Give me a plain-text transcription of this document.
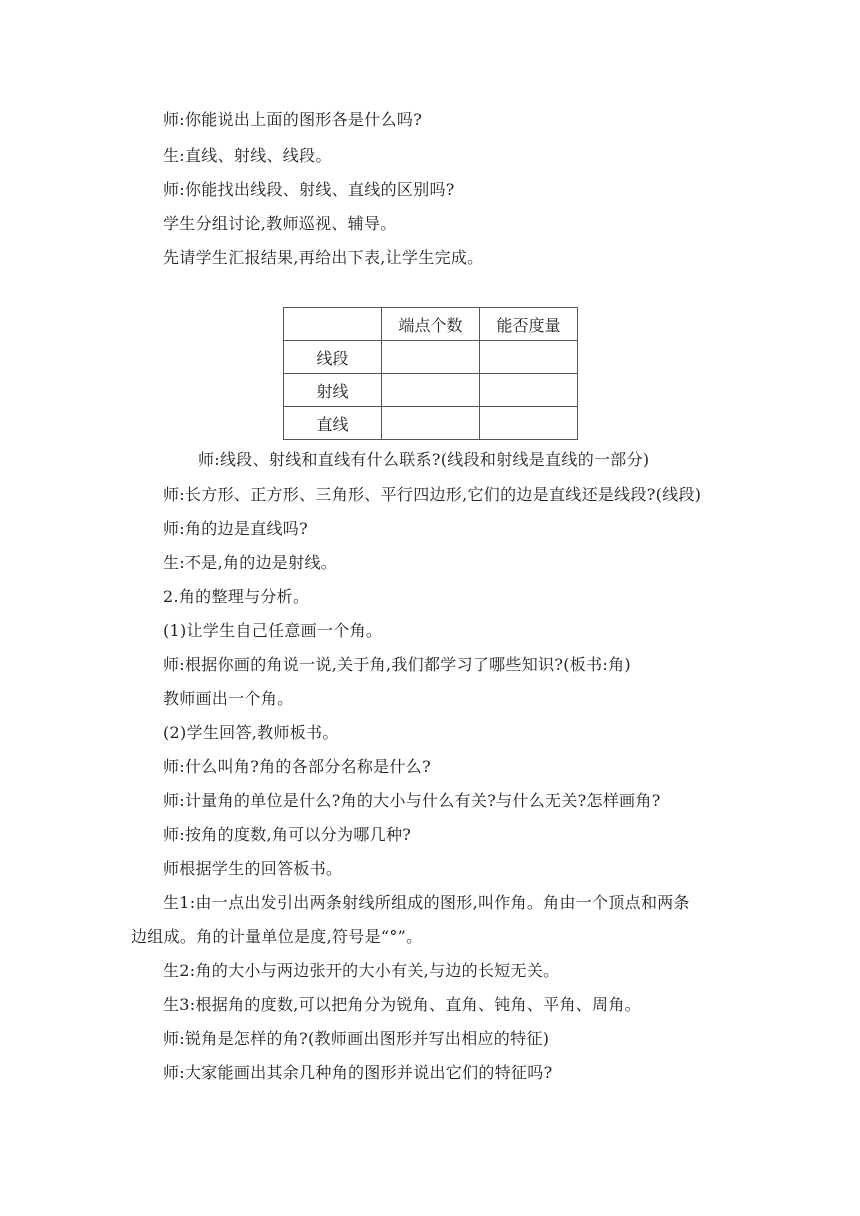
师:你能说出上面的图形各是什么吗?
生:直线、射线、线段。
师:你能找出线段、射线、直线的区别吗?
学生分组讨论,教师巡视、辅导。
先请学生汇报结果,再给出下表,让学生完成。
	端点个数	能否度量
线段		
射线		
直线		
师:线段、射线和直线有什么联系?(线段和射线是直线的一部分)
师:长方形、正方形、三角形、平行四边形,它们的边是直线还是线段?(线段)
师:角的边是直线吗?
生:不是,角的边是射线。
2.角的整理与分析。
(1)让学生自己任意画一个角。
师:根据你画的角说一说,关于角,我们都学习了哪些知识?(板书:角)
教师画出一个角。
(2)学生回答,教师板书。
师:什么叫角?角的各部分名称是什么?
师:计量角的单位是什么?角的大小与什么有关?与什么无关?怎样画角?
师:按角的度数,角可以分为哪几种?
师根据学生的回答板书。
生1:由一点出发引出两条射线所组成的图形,叫作角。角由一个顶点和两条
边组成。角的计量单位是度,符号是“°”。
生2:角的大小与两边张开的大小有关,与边的长短无关。
生3:根据角的度数,可以把角分为锐角、直角、钝角、平角、周角。
师:锐角是怎样的角?(教师画出图形并写出相应的特征)
师:大家能画出其余几种角的图形并说出它们的特征吗?
